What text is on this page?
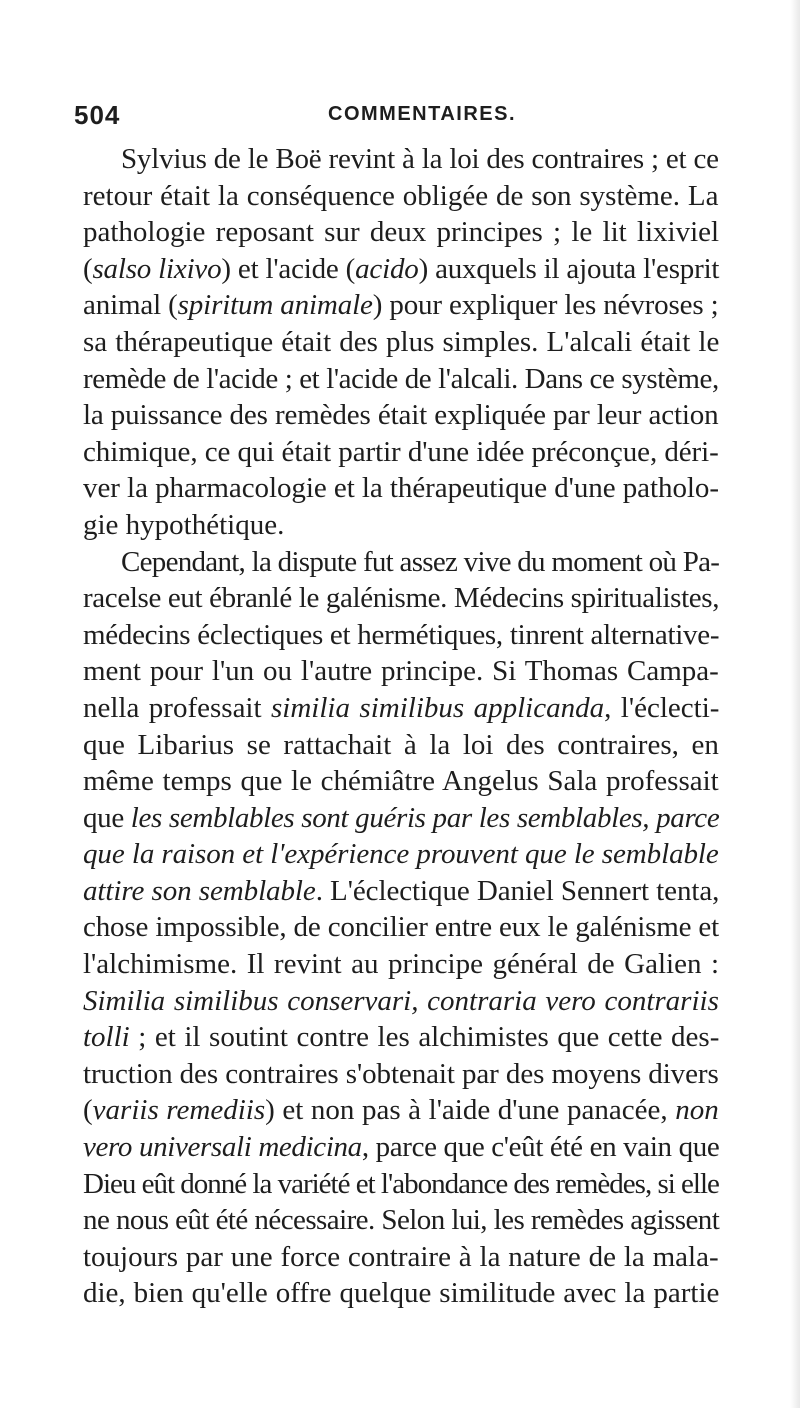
504	COMMENTAIRES.
Sylvius de le Boë revint à la loi des contraires ; et ce
retour était la conséquence obligée de son système. La
pathologie reposant sur deux principes ; le lit lixiviel
(salso lixivo) et l'acide (acido) auxquels il ajouta l'esprit
animal (spiritum animale) pour expliquer les névroses ;
sa thérapeutique était des plus simples. L'alcali était le
remède de l'acide ; et l'acide de l'alcali. Dans ce système,
la puissance des remèdes était expliquée par leur action
chimique, ce qui était partir d'une idée préconçue, déri-
ver la pharmacologie et la thérapeutique d'une patholo-
gie hypothétique.
Cependant, la dispute fut assez vive du moment où Pa-
racelse eut ébranlé le galénisme. Médecins spiritualistes,
médecins éclectiques et hermétiques, tinrent alternative-
ment pour l'un ou l'autre principe. Si Thomas Campa-
nella professait similia similibus applicanda, l'éclecti-
que Libarius se rattachait à la loi des contraires, en
même temps que le chémiâtre Angelus Sala professait
que les semblables sont guéris par les semblables, parce
que la raison et l'expérience prouvent que le semblable
attire son semblable. L'éclectique Daniel Sennert tenta,
chose impossible, de concilier entre eux le galénisme et
l'alchimisme. Il revint au principe général de Galien :
Similia similibus conservari, contraria vero contrariis
tolli ; et il soutint contre les alchimistes que cette des-
truction des contraires s'obtenait par des moyens divers
(variis remediis) et non pas à l'aide d'une panacée, non
vero universali medicina, parce que c'eût été en vain que
Dieu eût donné la variété et l'abondance des remèdes, si elle
ne nous eût été nécessaire. Selon lui, les remèdes agissent
toujours par une force contraire à la nature de la mala-
die, bien qu'elle offre quelque similitude avec la partie
